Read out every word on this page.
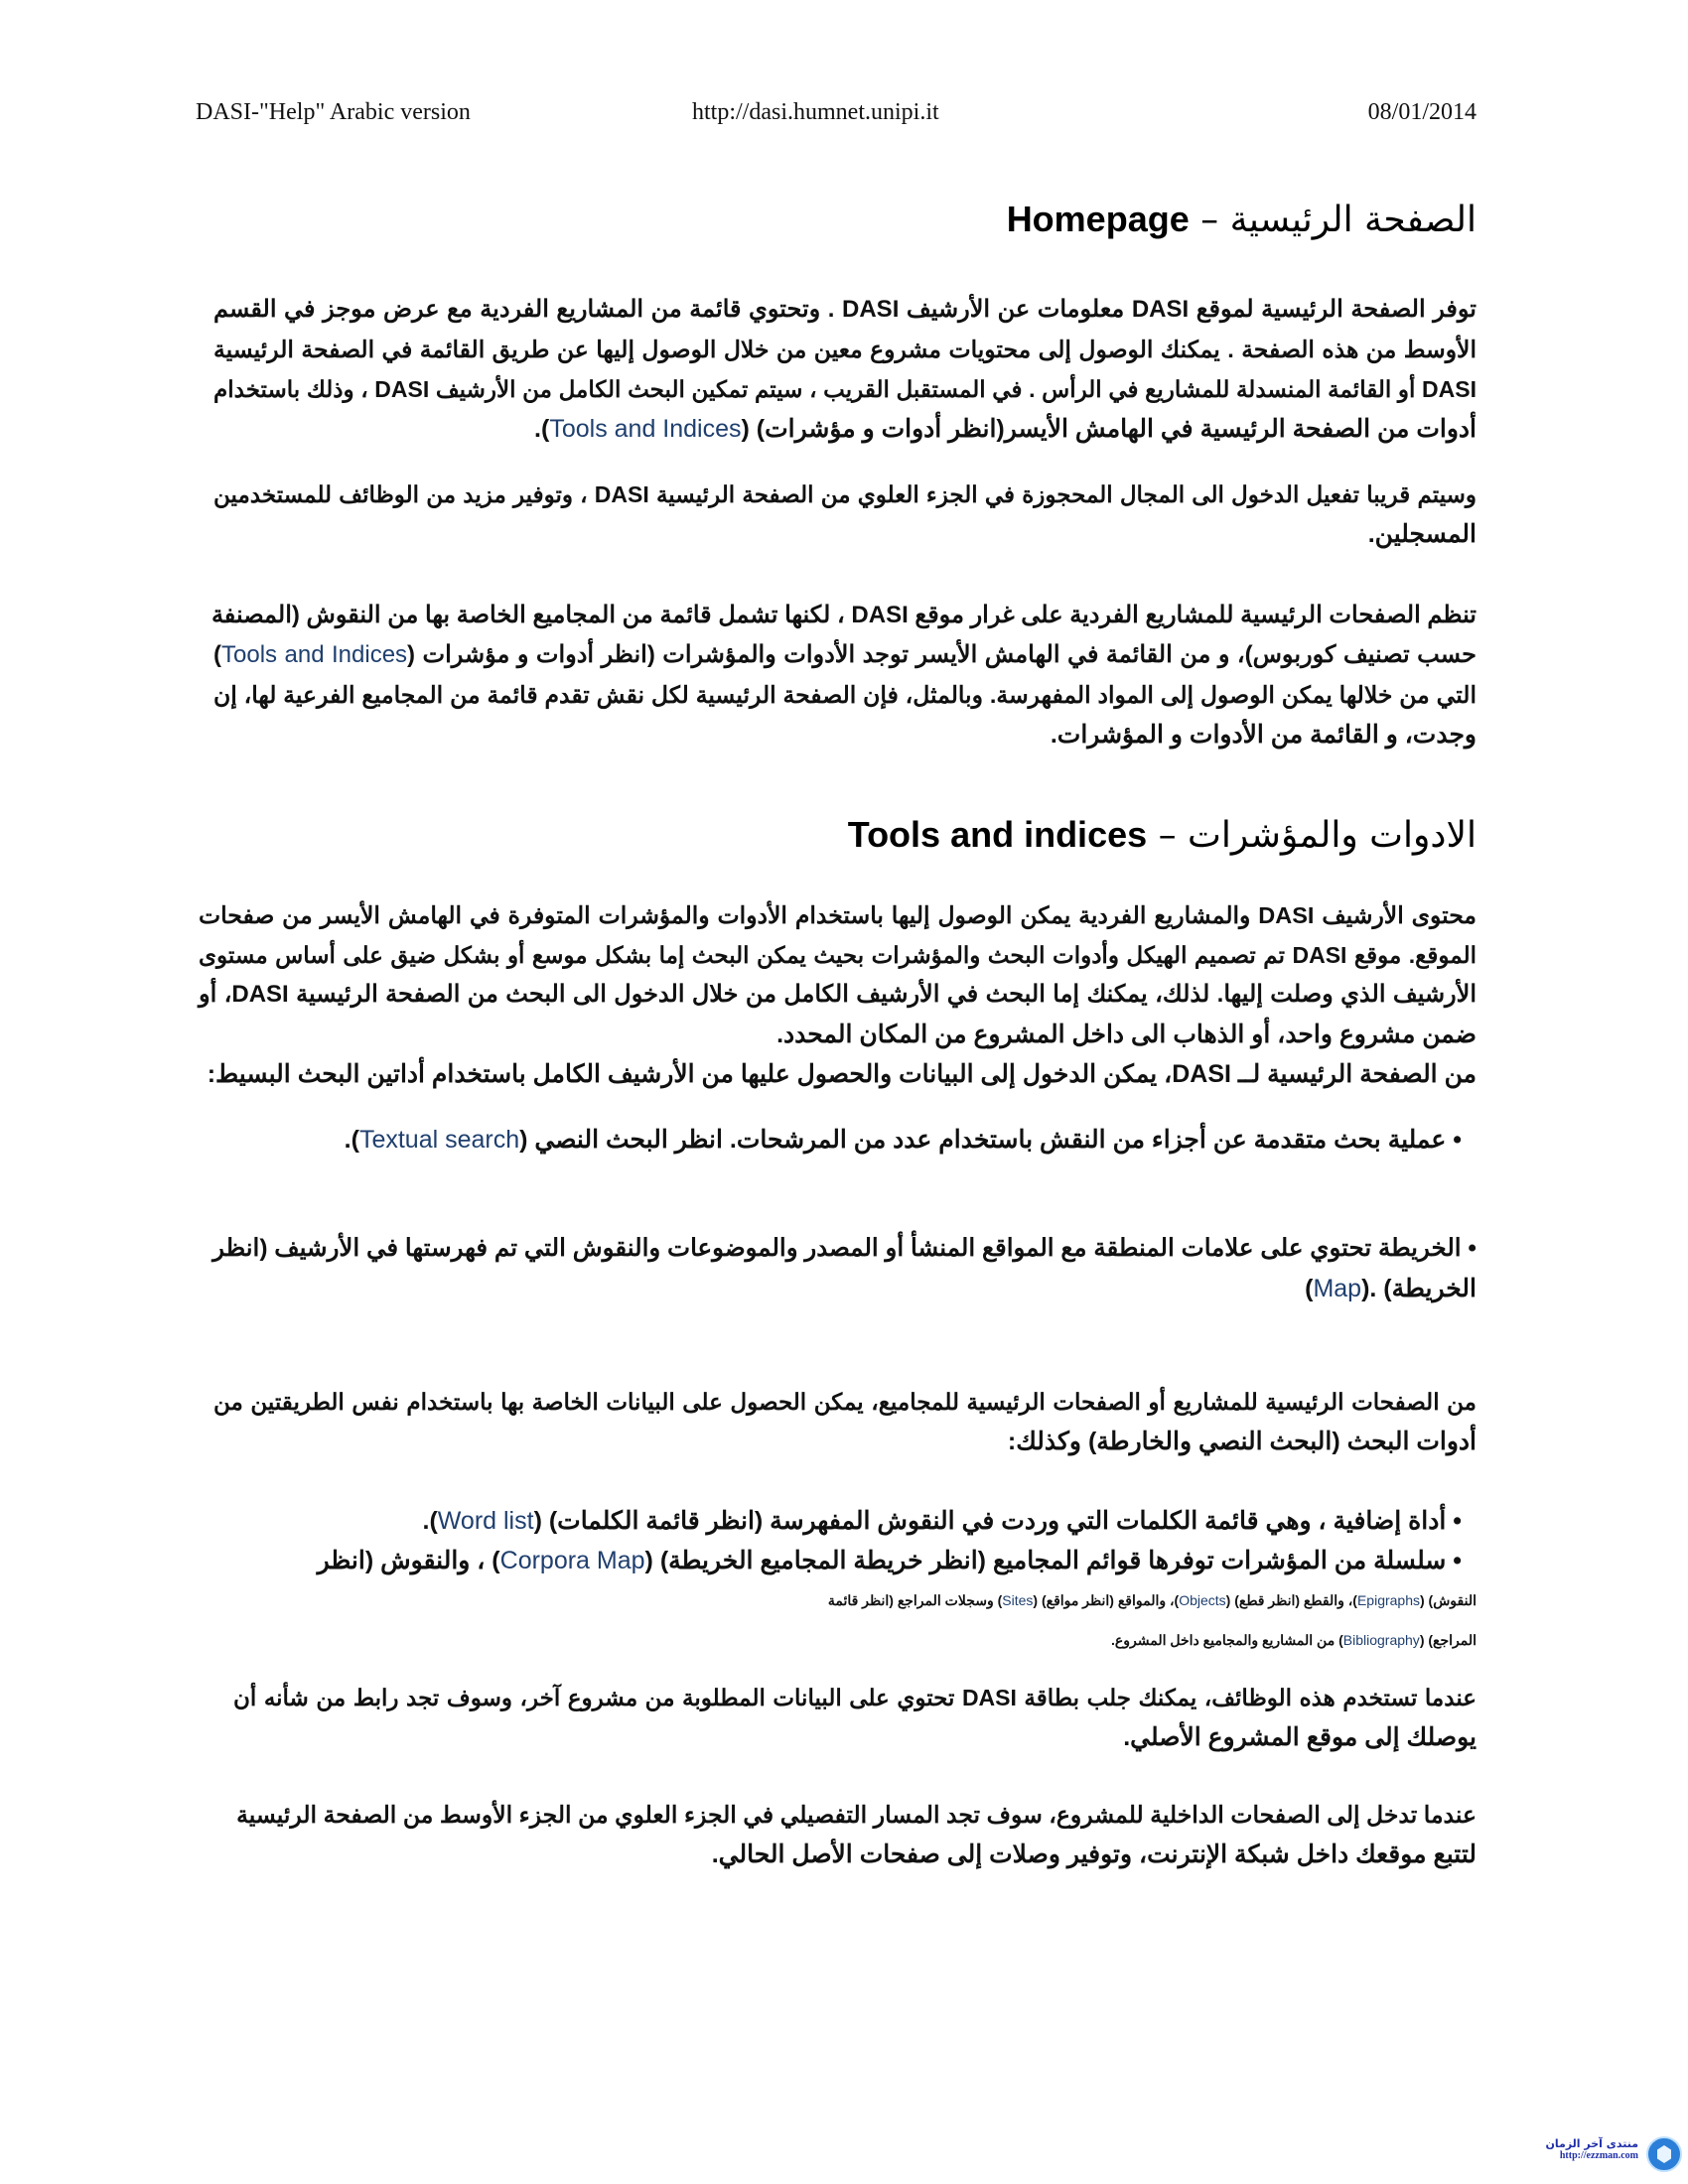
DASI-"Help" Arabic version	http://dasi.humnet.unipi.it	08/01/2014
الصفحة الرئيسية – Homepage
توفر الصفحة الرئيسية لموقع DASI معلومات عن الأرشيف DASI . وتحتوي قائمة من المشاريع الفردية مع عرض موجز في القسم
الأوسط من هذه الصفحة . يمكنك الوصول إلى محتويات مشروع معين من خلال الوصول إليها عن طريق القائمة في الصفحة الرئيسية
DASI أو القائمة المنسدلة للمشاريع في الرأس . في المستقبل القريب ، سيتم تمكين البحث الكامل من الأرشيف DASI ، وذلك باستخدام
أدوات من الصفحة الرئيسية في الهامش الأيسر(انظر أدوات و مؤشرات) (Tools and Indices).
وسيتم قريبا تفعيل الدخول الى المجال المحجوزة في الجزء العلوي من الصفحة الرئيسية DASI ، وتوفير مزيد من الوظائف للمستخدمين
المسجلين.
تنظم الصفحات الرئيسية للمشاريع الفردية على غرار موقع DASI ، لكنها تشمل قائمة من المجاميع الخاصة بها من النقوش (المصنفة
حسب تصنيف كوربوس)، و من القائمة في الهامش الأيسر توجد الأدوات والمؤشرات (انظر أدوات و مؤشرات (Tools and Indices)
التي من خلالها يمكن الوصول إلى المواد المفهرسة. وبالمثل، فإن الصفحة الرئيسية لكل نقش تقدم قائمة من المجاميع الفرعية لها، إن
وجدت، و القائمة من الأدوات و المؤشرات.
الادوات والمؤشرات – Tools and indices
محتوى الأرشيف DASI والمشاريع الفردية يمكن الوصول إليها باستخدام الأدوات والمؤشرات المتوفرة في الهامش الأيسر من صفحات
الموقع. موقع DASI تم تصميم الهيكل وأدوات البحث والمؤشرات بحيث يمكن البحث إما بشكل موسع أو بشكل ضيق على أساس مستوى
الأرشيف الذي وصلت إليها. لذلك، يمكنك إما البحث في الأرشيف الكامل من خلال الدخول الى البحث من الصفحة الرئيسية DASI، أو
ضمن مشروع واحد، أو الذهاب الى داخل المشروع من المكان المحدد.
من الصفحة الرئيسية لــ DASI، يمكن الدخول إلى البيانات والحصول عليها من الأرشيف الكامل باستخدام أداتين البحث البسيط:
• عملية بحث متقدمة عن أجزاء من النقش باستخدام عدد من المرشحات. انظر البحث النصي (Textual search).
• الخريطة تحتوي على علامات المنطقة مع المواقع المنشأ أو المصدر والموضوعات والنقوش التي تم فهرستها في الأرشيف (انظر
الخريطة) .(Map)
من الصفحات الرئيسية للمشاريع أو الصفحات الرئيسية للمجاميع، يمكن الحصول على البيانات الخاصة بها باستخدام نفس الطريقتين من
أدوات البحث (البحث النصي والخارطة) وكذلك:
• أداة إضافية ، وهي قائمة الكلمات التي وردت في النقوش المفهرسة (انظر قائمة الكلمات) (Word list).
• سلسلة من المؤشرات توفرها قوائم المجاميع (انظر خريطة المجاميع الخريطة) (Corpora Map) ، والنقوش (انظر
النقوش) (Epigraphs)، والقطع (انظر قطع) (Objects)، والمواقع (انظر مواقع) (Sites) وسجلات المراجع (انظر قائمة
المراجع) (Bibliography) من المشاريع والمجاميع داخل المشروع.
عندما تستخدم هذه الوظائف، يمكنك جلب بطاقة DASI تحتوي على البيانات المطلوبة من مشروع آخر، وسوف تجد رابط من شأنه أن
يوصلك إلى موقع المشروع الأصلي.
عندما تدخل إلى الصفحات الداخلية للمشروع، سوف تجد المسار التفصيلي في الجزء العلوي من الجزء الأوسط من الصفحة الرئيسية
لتتبع موقعك داخل شبكة الإنترنت، وتوفير وصلات إلى صفحات الأصل الحالي.
منتدى آخر الزمان
http://ezzman.com
